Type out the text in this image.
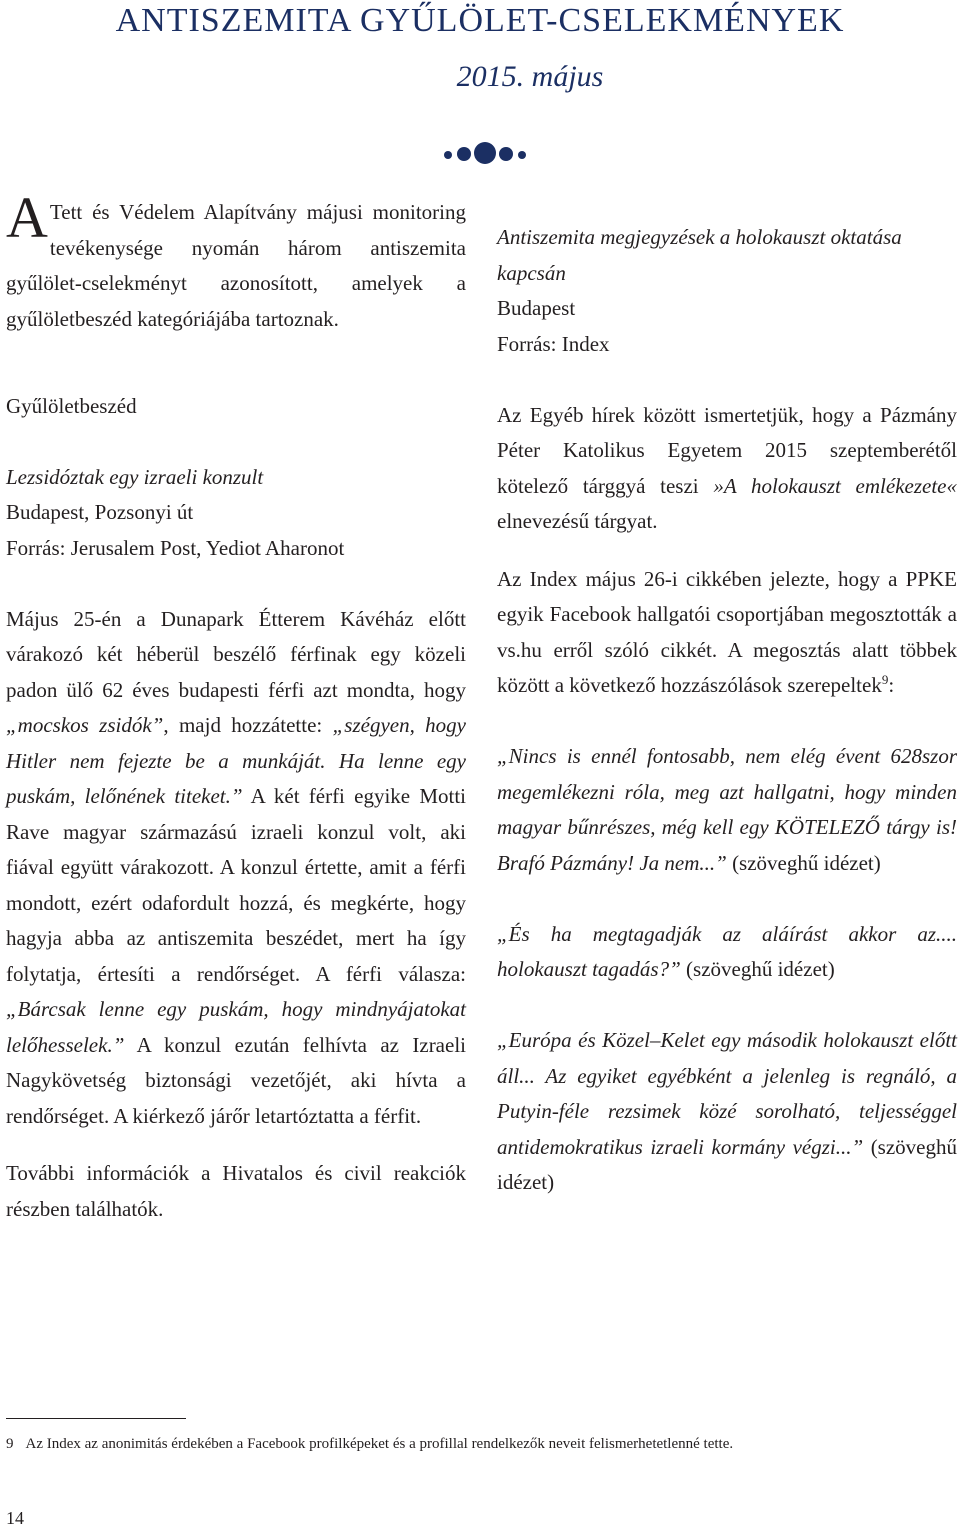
ANTISZEMITA GYŰLÖLET-CSELEKMÉNYEK
2015. május

A Tett és Védelem Alapítvány májusi monitoring tevékenysége nyomán három antiszemita gyűlölet-cselekményt azonosított, amelyek a gyűlöletbeszéd kategóriájába tartoznak.

Gyűlöletbeszéd

Lezsidóztak egy izraeli konzult

Budapest, Pozsonyi út

Forrás: Jerusalem Post, Yediot Aharonot

Május 25-én a Dunapark Étterem Kávéház előtt várakozó két héberül beszélő férfinak egy közeli padon ülő 62 éves budapesti férfi azt mondta, hogy „mocskos zsidók”, majd hozzátette: „szégyen, hogy Hitler nem fejezte be a munkáját. Ha lenne egy puskám, lelőnének titeket.” A két férfi egyike Motti Rave magyar származású izraeli konzul volt, aki fiával együtt várakozott. A konzul értette, amit a férfi mondott, ezért odafordult hozzá, és megkérte, hogy hagyja abba az antiszemita beszédet, mert ha így folytatja, értesíti a rendőrséget. A férfi válasza: „Bárcsak lenne egy puskám, hogy mindnyájatokat lelőhesselek.” A konzul ezután felhívta az Izraeli Nagykövetség biztonsági vezetőjét, aki hívta a rendőrséget. A kiérkező járőr letartóztatta a férfit.

További információk a Hivatalos és civil reakciók részben találhatók.

Antiszemita megjegyzések a holokauszt oktatása kapcsán

Budapest

Forrás: Index

Az Egyéb hírek között ismertetjük, hogy a Pázmány Péter Katolikus Egyetem 2015 szeptemberétől kötelező tárggyá teszi »A holokauszt emlékezete« elnevezésű tárgyat.

Az Index május 26-i cikkében jelezte, hogy a PPKE egyik Facebook hallgatói csoportjában megosztották a vs.hu erről szóló cikkét. A megosztás alatt többek között a következő hozzászólások szerepeltek$^9$:

„Nincs is ennél fontosabb, nem elég évent 628szor megemlékezni róla, meg azt hallgatni, hogy minden magyar bűnrészes, még kell egy KÖTELEZŐ tárgy is! Brafó Pázmány! Ja nem...” (szöveghű idézet)

„És ha megtagadják az aláírást akkor az.... holokauszt tagadás?” (szöveghű idézet)

„Európa és Közel–Kelet egy második holokauszt előtt áll... Az egyiket egyébként a jelenleg is regnáló, a Putyin-féle rezsimek közé sorolható, teljességgel antidemokratikus izraeli kormány végzi...” (szöveghű idézet)

9 Az Index az anonimitás érdekében a Facebook profilképeket és a profillal rendelkezők neveit felismerhetetlenné tette.
14
